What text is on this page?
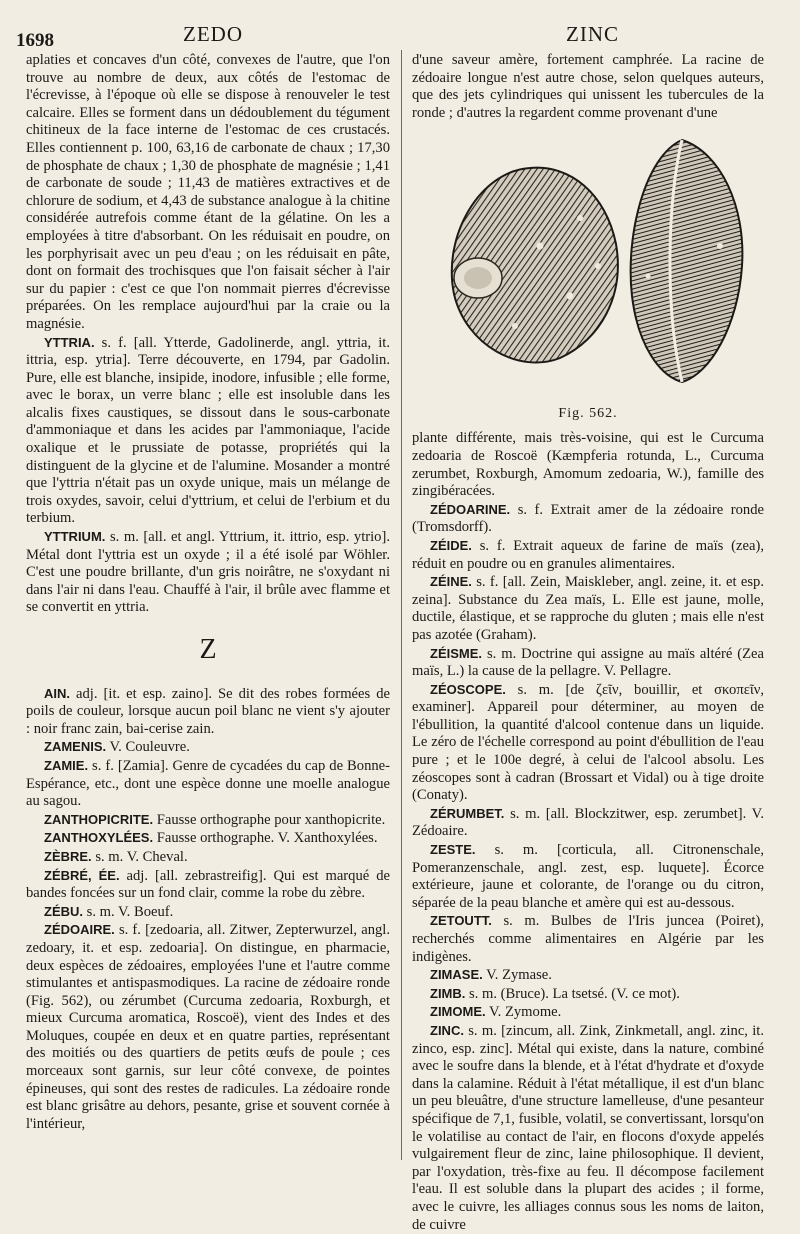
1698	ZEDO	ZINC

aplaties et concaves d'un côté, convexes de l'autre, que l'on trouve au nombre de deux, aux côtés de l'estomac de l'écrevisse, à l'époque où elle se dispose à renouveler le test calcaire. Elles se forment dans un dédoublement du tégument chitineux de la face interne de l'estomac de ces crustacés. Elles contiennent p. 100, 63,16 de carbonate de chaux ; 17,30 de phosphate de chaux ; 1,30 de phosphate de magnésie ; 1,41 de carbonate de soude ; 11,43 de matières extractives et de chlorure de sodium, et 4,43 de substance analogue à la chitine considérée autrefois comme étant de la gélatine. On les a employées à titre d'absorbant. On les réduisait en poudre, on les porphyrisait avec un peu d'eau ; on les réduisait en pâte, dont on formait des trochisques que l'on faisait sécher à l'air sur du papier : c'est ce que l'on nommait pierres d'écrevisse préparées. On les remplace aujourd'hui par la craie ou la magnésie.

YTTRIA. s. f. [all. Ytterde, Gadolinerde, angl. yttria, it. ittria, esp. ytria]. Terre découverte, en 1794, par Gadolin. Pure, elle est blanche, insipide, inodore, infusible ; elle forme, avec le borax, un verre blanc ; elle est insoluble dans les alcalis fixes caustiques, se dissout dans le sous-carbonate d'ammoniaque et dans les acides par l'ammoniaque, l'acide oxalique et le prussiate de potasse, propriétés qui la distinguent de la glycine et de l'alumine. Mosander a montré que l'yttria n'était pas un oxyde unique, mais un mélange de trois oxydes, savoir, celui d'yttrium, et celui de l'erbium et du terbium.

YTTRIUM. s. m. [all. et angl. Yttrium, it. ittrio, esp. ytrio]. Métal dont l'yttria est un oxyde ; il a été isolé par Wöhler. C'est une poudre brillante, d'un gris noirâtre, ne s'oxydant ni dans l'air ni dans l'eau. Chauffé à l'air, il brûle avec flamme et se convertit en yttria.

Z

AIN. adj. [it. et esp. zaino]. Se dit des robes formées de poils de couleur, lorsque aucun poil blanc ne vient s'y ajouter : noir franc zain, bai-cerise zain.

ZAMENIS. V. Couleuvre.

ZAMIE. s. f. [Zamia]. Genre de cycadées du cap de Bonne-Espérance, etc., dont une espèce donne une moelle analogue au sagou.

ZANTHOPICRITE. Fausse orthographe pour xanthopicrite.

ZANTHOXYLÉES. Fausse orthographe. V. Xanthoxylées.

ZÈBRE. s. m. V. Cheval.

ZÉBRÉ, ÉE. adj. [all. zebrastreifig]. Qui est marqué de bandes foncées sur un fond clair, comme la robe du zèbre.

ZÉBU. s. m. V. Boeuf.

ZÉDOAIRE. s. f. [zedoaria, all. Zitwer, Zepterwurzel, angl. zedoary, it. et esp. zedoaria]. On distingue, en pharmacie, deux espèces de zédoaires, employées l'une et l'autre comme stimulantes et antispasmodiques. La racine de zédoaire ronde (Fig. 562), ou zérumbet (Curcuma zedoaria, Roxburgh, et mieux Curcuma aromatica, Roscoë), vient des Indes et des Moluques, coupée en deux et en quatre parties, représentant des moitiés ou des quartiers de petits œufs de poule ; ces morceaux sont garnis, sur leur côté convexe, de pointes épineuses, qui sont des restes de radicules. La zédoaire ronde est blanc grisâtre au dehors, pesante, grise et souvent cornée à l'intérieur,

d'une saveur amère, fortement camphrée. La racine de zédoaire longue n'est autre chose, selon quelques auteurs, que des jets cylindriques qui unissent les tubercules de la ronde ; d'autres la regardent comme provenant d'une

Fig. 562.

plante différente, mais très-voisine, qui est le Curcuma zedoaria de Roscoë (Kæmpferia rotunda, L., Curcuma zerumbet, Roxburgh, Amomum zedoaria, W.), famille des zingibéracées.

ZÉDOARINE. s. f. Extrait amer de la zédoaire ronde (Tromsdorff).

ZÉIDE. s. f. Extrait aqueux de farine de maïs (zea), réduit en poudre ou en granules alimentaires.

ZÉINE. s. f. [all. Zein, Maiskleber, angl. zeine, it. et esp. zeina]. Substance du Zea maïs, L. Elle est jaune, molle, ductile, élastique, et se rapproche du gluten ; mais elle n'est pas azotée (Graham).

ZÉISME. s. m. Doctrine qui assigne au maïs altéré (Zea maïs, L.) la cause de la pellagre. V. Pellagre.

ZÉOSCOPE. s. m. [de ζεῖν, bouillir, et σκοπεῖν, examiner]. Appareil pour déterminer, au moyen de l'ébullition, la quantité d'alcool contenue dans un liquide. Le zéro de l'échelle correspond au point d'ébullition de l'eau pure ; et le 100e degré, à celui de l'alcool absolu. Les zéoscopes sont à cadran (Brossart et Vidal) ou à tige droite (Conaty).

ZÉRUMBET. s. m. [all. Blockzitwer, esp. zerumbet]. V. Zédoaire.

ZESTE. s. m. [corticula, all. Citronenschale, Pomeranzenschale, angl. zest, esp. luquete]. Écorce extérieure, jaune et colorante, de l'orange ou du citron, séparée de la peau blanche et amère qui est au-dessous.

ZETOUTT. s. m. Bulbes de l'Iris juncea (Poiret), recherchés comme alimentaires en Algérie par les indigènes.

ZIMASE. V. Zymase.

ZIMB. s. m. (Bruce). La tsetsé. (V. ce mot).

ZIMOME. V. Zymome.

ZINC. s. m. [zincum, all. Zink, Zinkmetall, angl. zinc, it. zinco, esp. zinc]. Métal qui existe, dans la nature, combiné avec le soufre dans la blende, et à l'état d'hydrate et d'oxyde dans la calamine. Réduit à l'état métallique, il est d'un blanc un peu bleuâtre, d'une structure lamelleuse, d'une pesanteur spécifique de 7,1, fusible, volatil, se convertissant, lorsqu'on le volatilise au contact de l'air, en flocons d'oxyde appelés vulgairement fleur de zinc, laine philosophique. Il devient, par l'oxydation, très-fixe au feu. Il décompose facilement l'eau. Il est soluble dans la plupart des acides ; il forme, avec le cuivre, les alliages connus sous les noms de laiton, de cuivre
